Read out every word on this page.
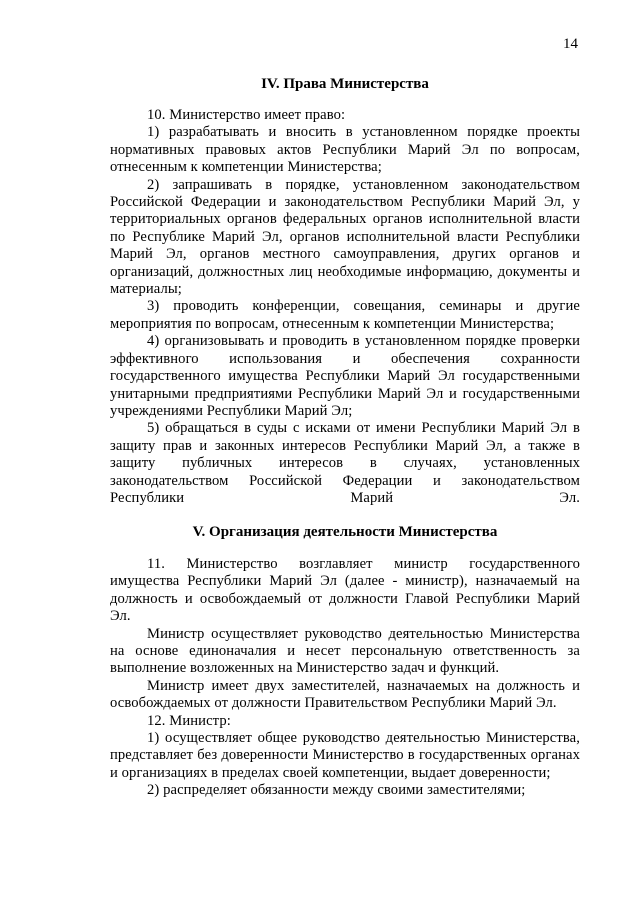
14
IV. Права Министерства

10. Министерство имеет право:

1) разрабатывать и вносить в установленном порядке проекты нормативных правовых актов Республики Марий Эл по вопросам, отнесенным к компетенции Министерства;

2) запрашивать в порядке, установленном законодательством Российской Федерации и законодательством Республики Марий Эл, у территориальных органов федеральных органов исполнительной власти по Республике Марий Эл, органов исполнительной власти Республики Марий Эл, органов местного самоуправления, других органов и организаций, должностных лиц необходимые информацию, документы и материалы;

3) проводить конференции, совещания, семинары и другие мероприятия по вопросам, отнесенным к компетенции Министерства;

4) организовывать и проводить в установленном порядке проверки эффективного использования и обеспечения сохранности государственного имущества Республики Марий Эл государственными унитарными предприятиями Республики Марий Эл и государственными учреждениями Республики Марий Эл;

5) обращаться в суды с исками от имени Республики Марий Эл в защиту прав и законных интересов Республики Марий Эл, а также в защиту публичных интересов в случаях, установленных законодательством Российской Федерации и законодательством Республики Марий Эл.

V. Организация деятельности Министерства

11. Министерство возглавляет министр государственного имущества Республики Марий Эл (далее - министр), назначаемый на должность и освобождаемый от должности Главой Республики Марий Эл.

Министр осуществляет руководство деятельностью Министерства на основе единоначалия и несет персональную ответственность за выполнение возложенных на Министерство задач и функций.

Министр имеет двух заместителей, назначаемых на должность и освобождаемых от должности Правительством Республики Марий Эл.

12. Министр:

1) осуществляет общее руководство деятельностью Министерства, представляет без доверенности Министерство в государственных органах и организациях в пределах своей компетенции, выдает доверенности;

2) распределяет обязанности между своими заместителями;
